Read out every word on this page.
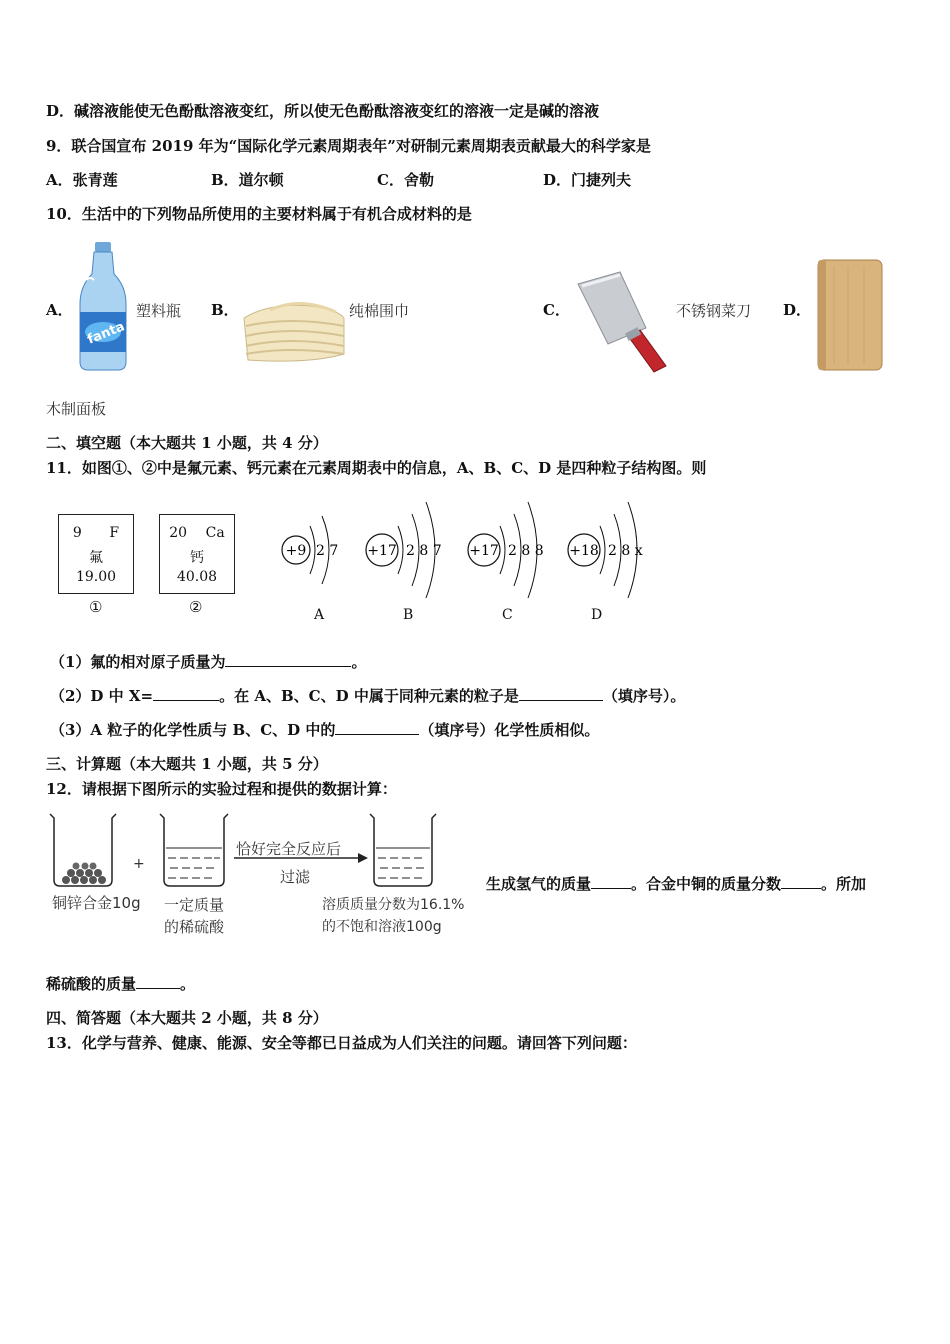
D．碱溶液能使无色酚酞溶液变红，所以使无色酚酞溶液变红的溶液一定是碱的溶液
9．联合国宣布 2019 年为“国际化学元素周期表年”对研制元素周期表贡献最大的科学家是
A．张青莲	B．道尔顿	C．舍勒	D．门捷列夫
10．生活中的下列物品所使用的主要材料属于有机合成材料的是
A．
fanta
塑料瓶 B．	纯棉围巾	C．	不锈钢菜刀 D．
木制面板
二、填空题（本大题共 1 小题，共 4 分）
11．如图①、②中是氟元素、钙元素在元素周期表中的信息，A、B、C、D 是四种粒子结构图。则
9 F
氟
19.00
①
20 Ca
钙
40.08
②
+9 2 7 +17 2 8 7 +17 2 8 8 +18 2 8 x
A	B	C	D
（1）氟的相对原子质量为	。
（2）D 中 X=	。在 A、B、C、D 中属于同种元素的粒子是	（填序号）。
（3）A 粒子的化学性质与 B、C、D 中的	（填序号）化学性质相似。
三、计算题（本大题共 1 小题，共 5 分）
12．请根据下图所示的实验过程和提供的数据计算：
+
铜锌合金10g 一定质量
的稀硫酸
恰好完全反应后
过滤
溶质质量分数为16.1%
的不饱和溶液100g
生成氢气的质量	。合金中铜的质量分数	。所加
稀硫酸的质量	。
四、简答题（本大题共 2 小题，共 8 分）
13．化学与营养、健康、能源、安全等都已日益成为人们关注的问题。请回答下列问题：
